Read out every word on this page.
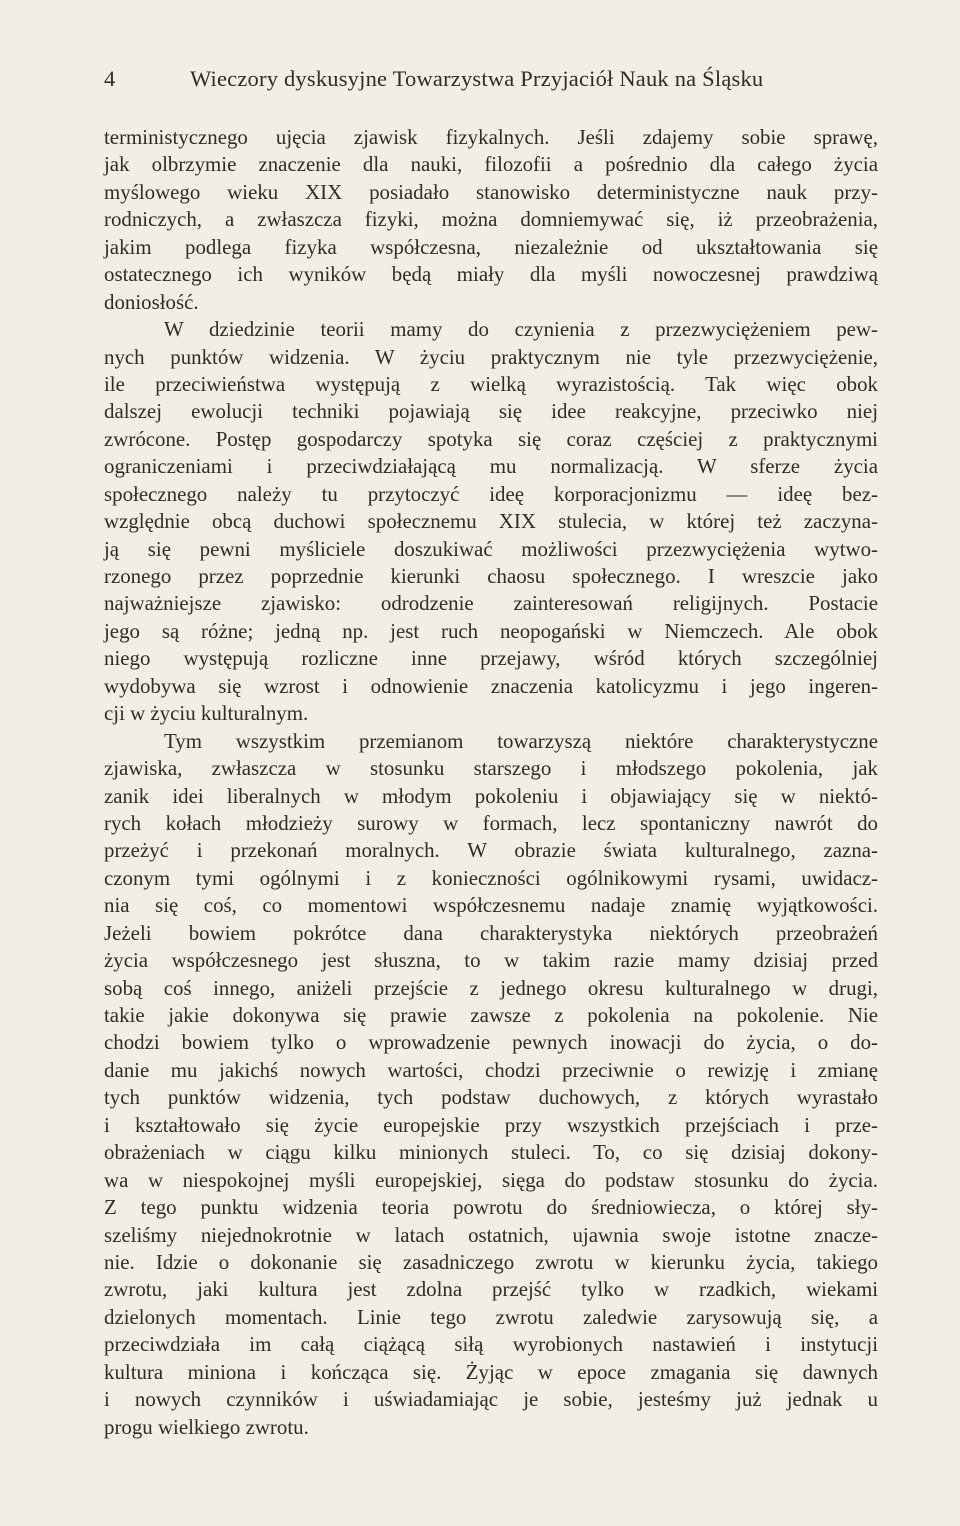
4	Wieczory dyskusyjne Towarzystwa Przyjaciół Nauk na Śląsku
terministycznego ujęcia zjawisk fizykalnych. Jeśli zdajemy sobie sprawę,
jak olbrzymie znaczenie dla nauki, filozofii a pośrednio dla całego życia
myślowego wieku XIX posiadało stanowisko deterministyczne nauk przy-
rodniczych, a zwłaszcza fizyki, można domniemywać się, iż przeobrażenia,
jakim podlega fizyka współczesna, niezależnie od ukształtowania się
ostatecznego ich wyników będą miały dla myśli nowoczesnej prawdziwą
doniosłość.
W dziedzinie teorii mamy do czynienia z przezwyciężeniem pew-
nych punktów widzenia. W życiu praktycznym nie tyle przezwyciężenie,
ile przeciwieństwa występują z wielką wyrazistością. Tak więc obok
dalszej ewolucji techniki pojawiają się idee reakcyjne, przeciwko niej
zwrócone. Postęp gospodarczy spotyka się coraz częściej z praktycznymi
ograniczeniami i przeciwdziałającą mu normalizacją. W sferze życia
społecznego należy tu przytoczyć ideę korporacjonizmu — ideę bez-
względnie obcą duchowi społecznemu XIX stulecia, w której też zaczyna-
ją się pewni myśliciele doszukiwać możliwości przezwyciężenia wytwo-
rzonego przez poprzednie kierunki chaosu społecznego. I wreszcie jako
najważniejsze zjawisko: odrodzenie zainteresowań religijnych. Postacie
jego są różne; jedną np. jest ruch neopogański w Niemczech. Ale obok
niego występują rozliczne inne przejawy, wśród których szczególniej
wydobywa się wzrost i odnowienie znaczenia katolicyzmu i jego ingeren-
cji w życiu kulturalnym.
Tym wszystkim przemianom towarzyszą niektóre charakterystyczne
zjawiska, zwłaszcza w stosunku starszego i młodszego pokolenia, jak
zanik idei liberalnych w młodym pokoleniu i objawiający się w niektó-
rych kołach młodzieży surowy w formach, lecz spontaniczny nawrót do
przeżyć i przekonań moralnych. W obrazie świata kulturalnego, zazna-
czonym tymi ogólnymi i z konieczności ogólnikowymi rysami, uwidacz-
nia się coś, co momentowi współczesnemu nadaje znamię wyjątkowości.
Jeżeli bowiem pokrótce dana charakterystyka niektórych przeobrażeń
życia współczesnego jest słuszna, to w takim razie mamy dzisiaj przed
sobą coś innego, aniżeli przejście z jednego okresu kulturalnego w drugi,
takie jakie dokonywa się prawie zawsze z pokolenia na pokolenie. Nie
chodzi bowiem tylko o wprowadzenie pewnych inowacji do życia, o do-
danie mu jakichś nowych wartości, chodzi przeciwnie o rewizję i zmianę
tych punktów widzenia, tych podstaw duchowych, z których wyrastało
i kształtowało się życie europejskie przy wszystkich przejściach i prze-
obrażeniach w ciągu kilku minionych stuleci. To, co się dzisiaj dokony-
wa w niespokojnej myśli europejskiej, sięga do podstaw stosunku do życia.
Z tego punktu widzenia teoria powrotu do średniowiecza, o której sły-
szeliśmy niejednokrotnie w latach ostatnich, ujawnia swoje istotne znacze-
nie. Idzie o dokonanie się zasadniczego zwrotu w kierunku życia, takiego
zwrotu, jaki kultura jest zdolna przejść tylko w rzadkich, wiekami
dzielonych momentach. Linie tego zwrotu zaledwie zarysowują się, a
przeciwdziała im całą ciążącą siłą wyrobionych nastawień i instytucji
kultura miniona i kończąca się. Żyjąc w epoce zmagania się dawnych
i nowych czynników i uświadamiając je sobie, jesteśmy już jednak u
progu wielkiego zwrotu.
